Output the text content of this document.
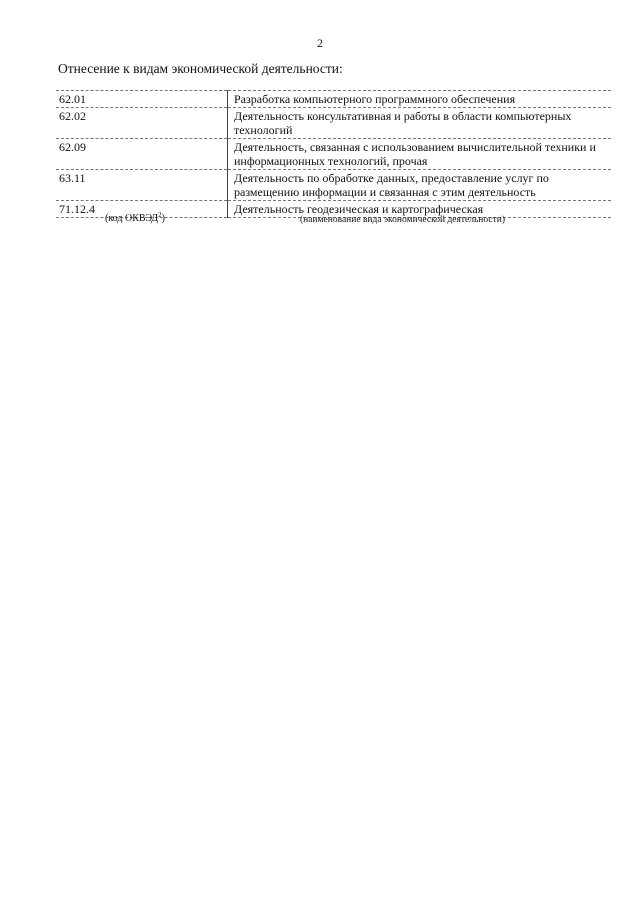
2
Отнесение к видам экономической деятельности:
62.01	Разработка компьютерного программного обеспечения
62.02	Деятельность консультативная и работы в области компьютерных технологий
62.09	Деятельность, связанная с использованием вычислительной техники и информационных технологий, прочая
63.11	Деятельность по обработке данных, предоставление услуг по размещению информации и связанная с этим деятельность
71.12.4	Деятельность геодезическая и картографическая
(код ОКВЭД$^2$)	(наименование вида экономической деятельности)
